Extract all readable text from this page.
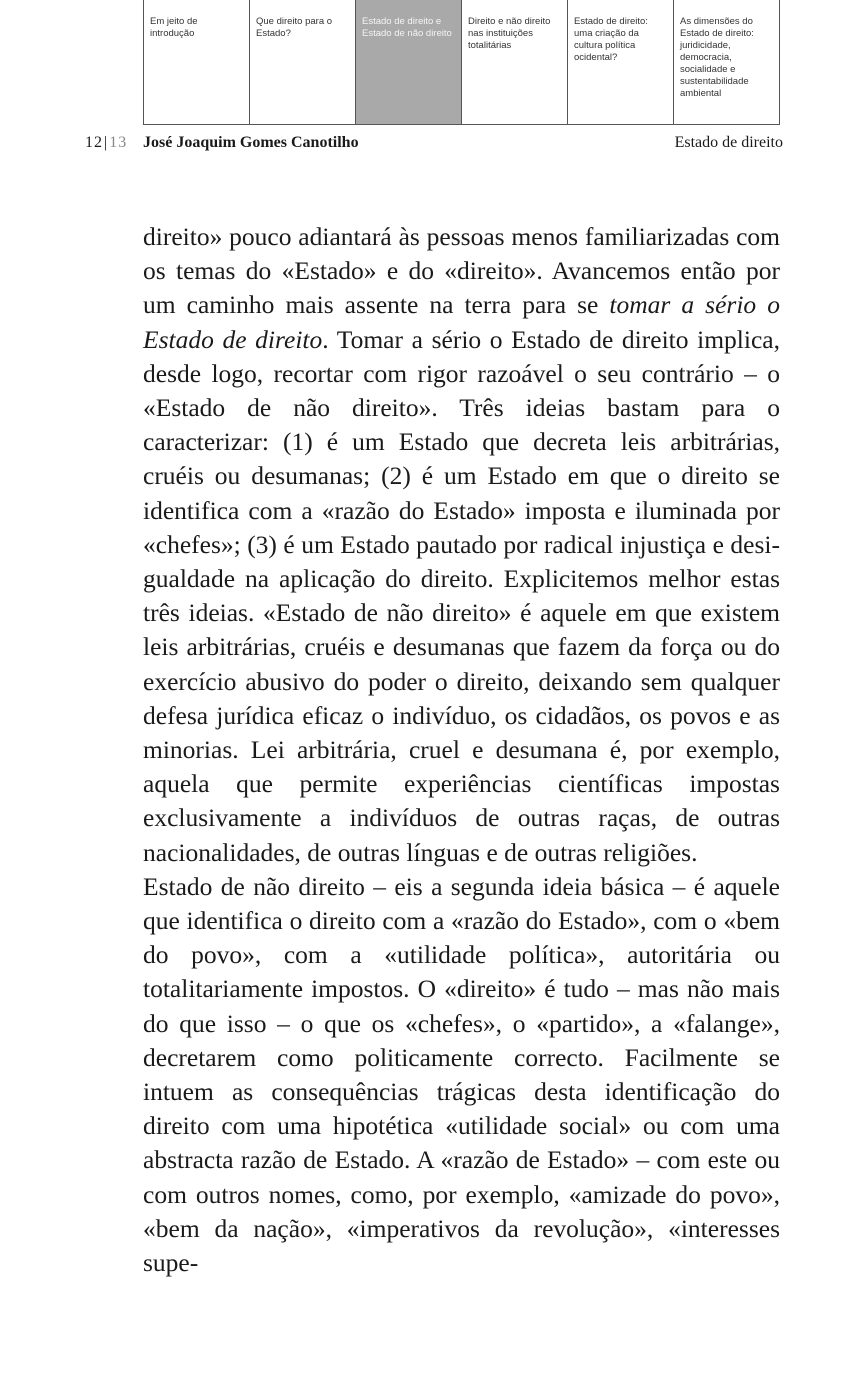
Em jeito de introdução
Que direito para o Estado?
Estado de direito e Estado de não direito
Direito e não direito nas instituições totalitárias
Estado de direito: uma criação da cultura política ocidental?
As dimensões do Estado de direito: juridicidade, democracia, socialidade e sustentabilidade ambiental
12|13 José Joaquim Gomes Canotilho	Estado de direito

direito» pouco adiantará às pessoas menos familiarizadas com os temas do «Estado» e do «direito». Avancemos então por um caminho mais assente na terra para se tomar a sério o Estado de direito. Tomar a sério o Estado de direito implica, desde logo, recortar com rigor razoável o seu contrário – o «Estado de não direito». Três ideias bastam para o caracterizar: (1) é um Estado que decreta leis arbitrárias, cruéis ou desumanas; (2) é um Estado em que o direito se identifica com a «razão do Estado» imposta e iluminada por «chefes»; (3) é um Estado pautado por radical injustiça e desigualdade na aplicação do direito. Explicitemos melhor estas três ideias. «Estado de não direito» é aquele em que existem leis arbitrárias, cruéis e desumanas que fazem da força ou do exercício abusivo do poder o direito, deixando sem qualquer defesa jurídica eficaz o indivíduo, os cidadãos, os povos e as minorias. Lei arbitrária, cruel e desumana é, por exemplo, aquela que permite experiências científicas impostas exclusivamente a indivíduos de outras raças, de outras nacionalidades, de outras línguas e de outras religiões.

Estado de não direito – eis a segunda ideia básica – é aquele que identifica o direito com a «razão do Estado», com o «bem do povo», com a «utilidade política», autoritária ou totalitariamente impostos. O «direito» é tudo – mas não mais do que isso – o que os «chefes», o «partido», a «falange», decretarem como politicamente correcto. Facilmente se intuem as consequências trágicas desta identificação do direito com uma hipotética «utilidade social» ou com uma abstracta razão de Estado. A «razão de Estado» – com este ou com outros nomes, como, por exemplo, «amizade do povo», «bem da nação», «imperativos da revolução», «interesses supe-
